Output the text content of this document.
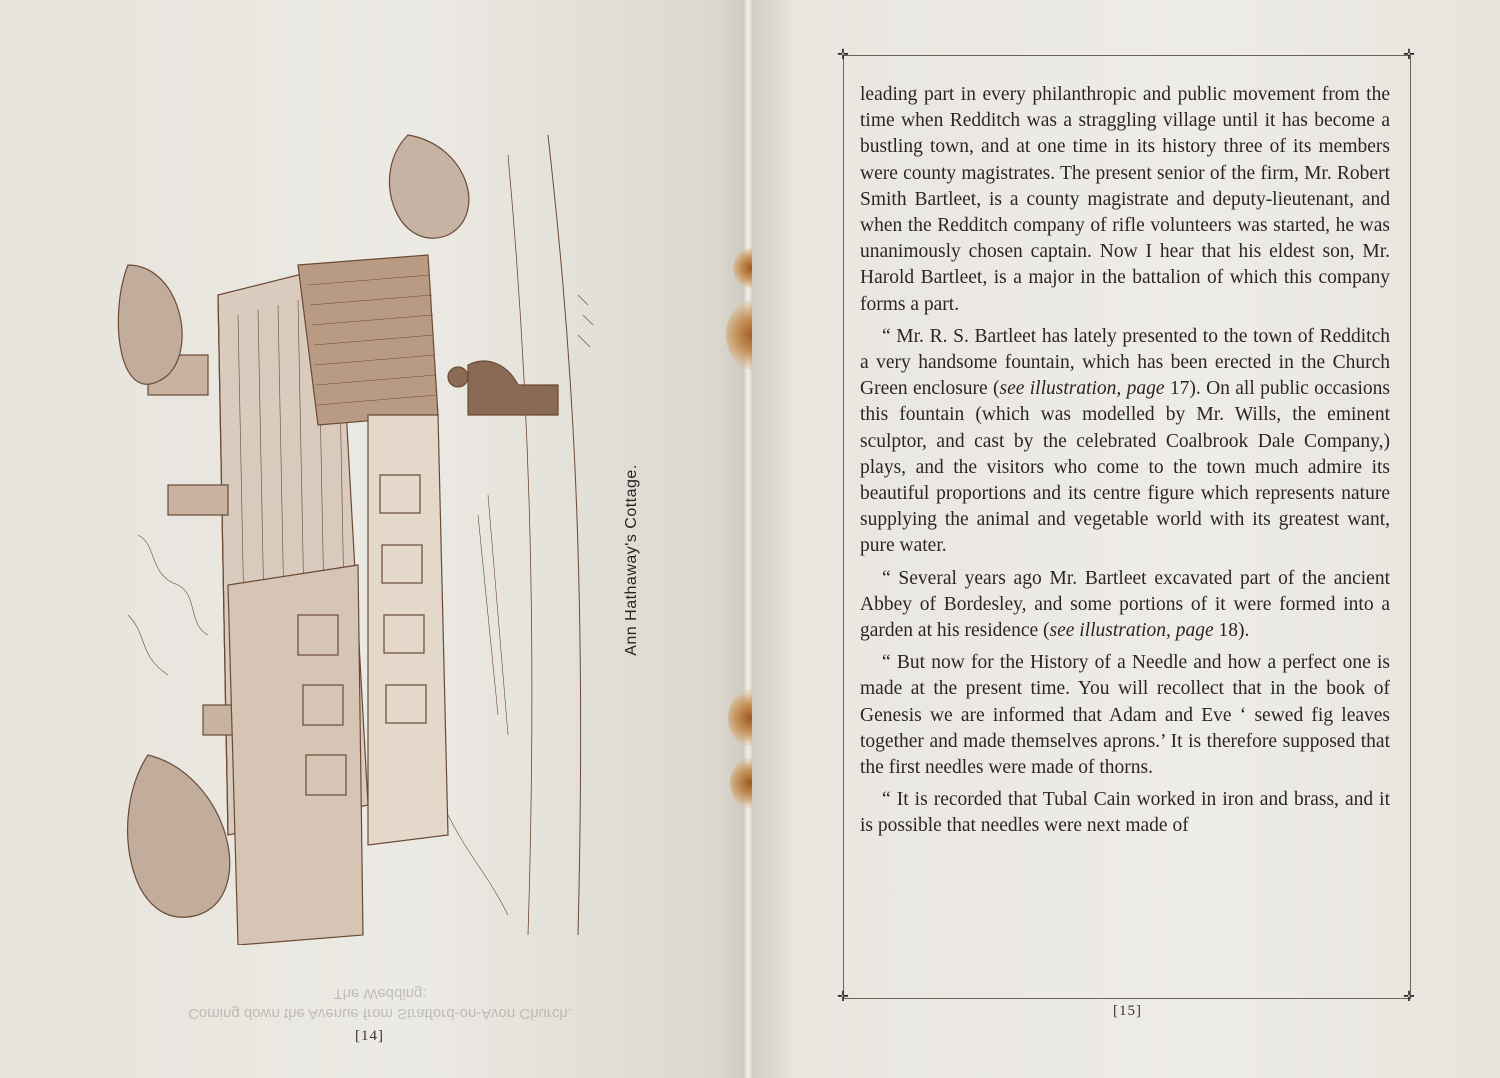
The Wedding:
Coming down the Avenue from Stratford-on-Avon Church.
Ann Hathaway's Cottage.
[14]
✛	✛
✛	✛

leading part in every philanthropic and public movement from the time when Redditch was a straggling village until it has become a bustling town, and at one time in its history three of its members were county magistrates. The present senior of the firm, Mr. Robert Smith Bartleet, is a county magistrate and deputy-lieutenant, and when the Redditch company of rifle volunteers was started, he was unanimously chosen captain. Now I hear that his eldest son, Mr. Harold Bartleet, is a major in the battalion of which this company forms a part.

“ Mr. R. S. Bartleet has lately presented to the town of Redditch a very handsome fountain, which has been erected in the Church Green enclosure (see illustration, page 17). On all public occasions this fountain (which was modelled by Mr. Wills, the eminent sculptor, and cast by the celebrated Coalbrook Dale Company,) plays, and the visitors who come to the town much admire its beautiful proportions and its centre figure which represents nature supplying the animal and vegetable world with its greatest want, pure water.

“ Several years ago Mr. Bartleet excavated part of the ancient Abbey of Bordesley, and some portions of it were formed into a garden at his residence (see illustration, page 18).

“ But now for the History of a Needle and how a perfect one is made at the present time. You will recollect that in the book of Genesis we are informed that Adam and Eve ‘ sewed fig leaves together and made themselves aprons.’ It is therefore supposed that the first needles were made of thorns.

“ It is recorded that Tubal Cain worked in iron and brass, and it is possible that needles were next made of

[15]
